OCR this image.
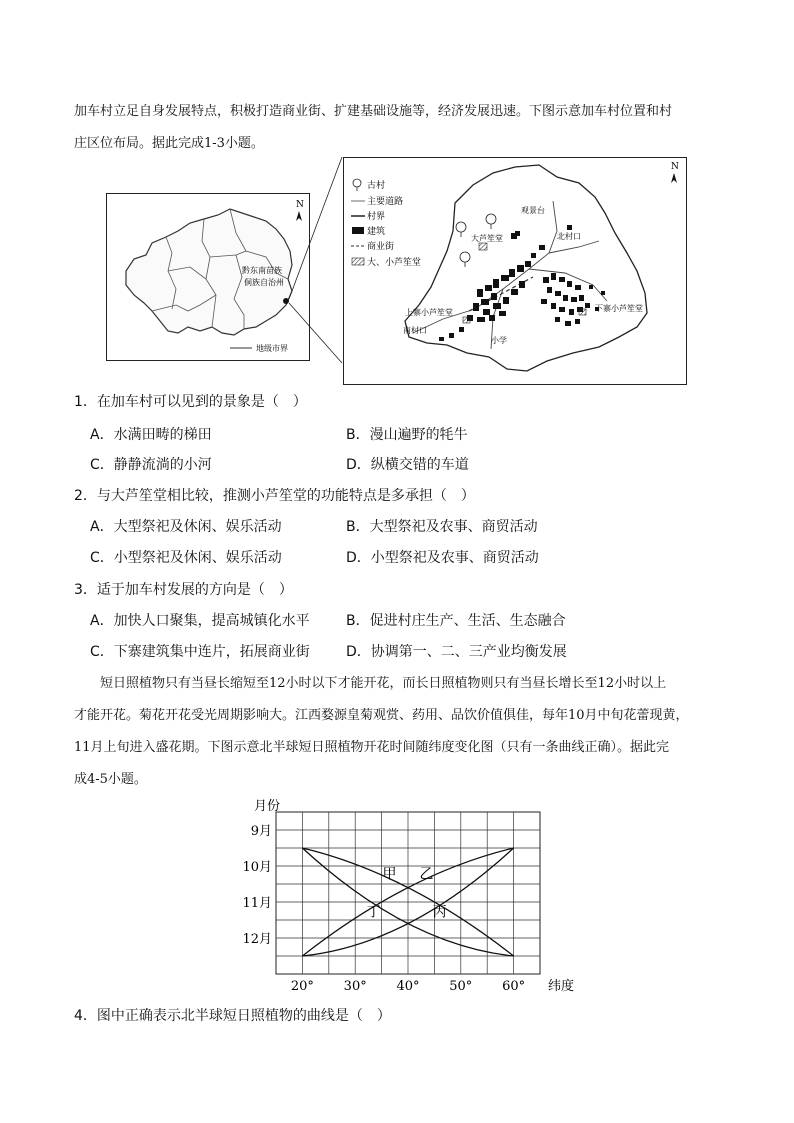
加车村立足自身发展特点，积极打造商业街、扩建基础设施等，经济发展迅速。下图示意加车村位置和村
庄区位布局。据此完成1-3小题。
N
黔东南苗族
侗族自治州
地级市界
古村
主要道路
村界
建筑
商业街
大、小芦笙堂
N
观景台
大芦笙堂	北村口
上寨小芦笙堂	下寨小芦笙堂
南村口
小学
1．在加车村可以见到的景象是（　）
A．水满田畴的梯田	B．漫山遍野的牦牛
C．静静流淌的小河	D．纵横交错的车道
2．与大芦笙堂相比较，推测小芦笙堂的功能特点是多承担（　）
A．大型祭祀及休闲、娱乐活动	B．大型祭祀及农事、商贸活动
C．小型祭祀及休闲、娱乐活动	D．小型祭祀及农事、商贸活动
3．适于加车村发展的方向是（　）
A．加快人口聚集，提高城镇化水平	B．促进村庄生产、生活、生态融合
C．下寨建筑集中连片，拓展商业街	D．协调第一、二、三产业均衡发展
短日照植物只有当昼长缩短至12小时以下才能开花，而长日照植物则只有当昼长增长至12小时以上
才能开花。菊花开花受光周期影响大。江西婺源皇菊观赏、药用、品饮价值俱佳，每年10月中旬花蕾现黄，
11月上旬进入盛花期。下图示意北半球短日照植物开花时间随纬度变化图（只有一条曲线正确）。据此完
成4-5小题。
月份
20° 30° 40° 50° 60° 纬度
9月
10月
11月
12月
甲 乙
丙
丁
4．图中正确表示北半球短日照植物的曲线是（　）
